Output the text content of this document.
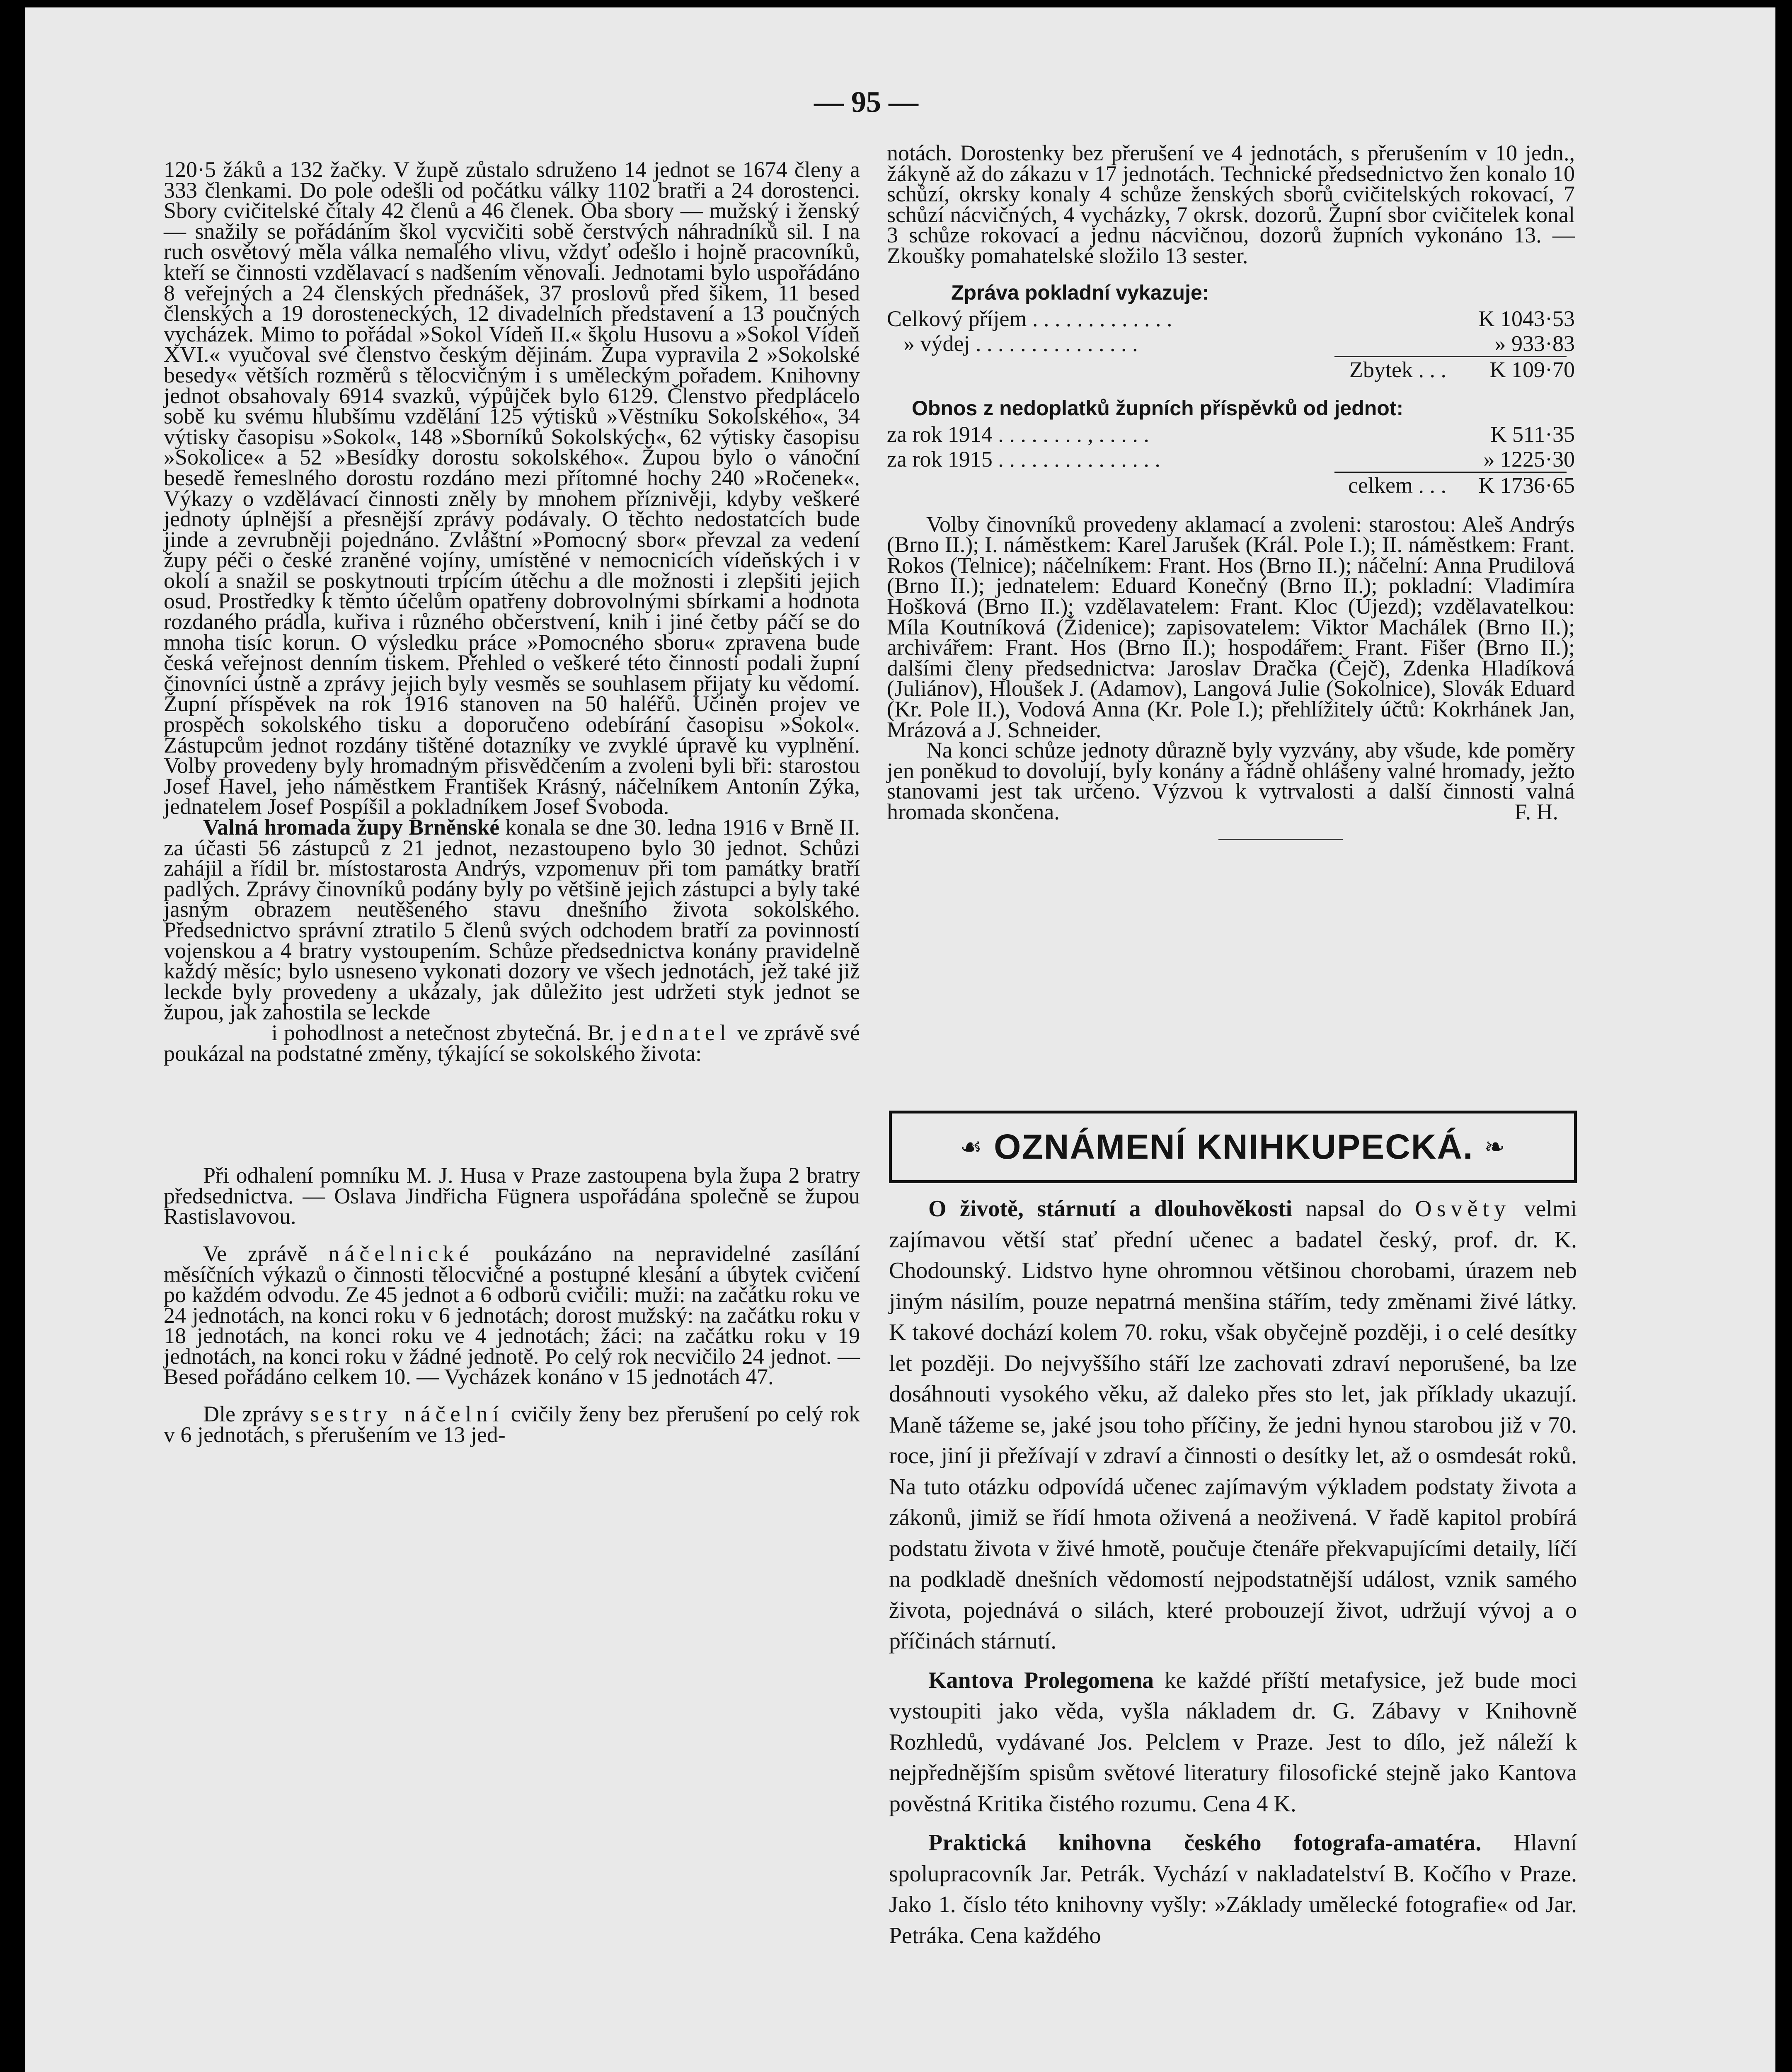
— 95 —

120·5 žáků a 132 žačky. V župě zůstalo sdruženo 14 jednot se 1674 členy a 333 členkami. Do pole odešli od počátku války 1102 bratři a 24 dorostenci. Sbory cvičitelské čítaly 42 členů a 46 členek. Oba sbory — mužský i ženský — snažily se pořádáním škol vycvičiti sobě čerstvých náhradníků sil. I na ruch osvětový měla válka nemalého vlivu, vždyť odešlo i hojně pracovníků, kteří se činnosti vzdělavací s nadšením věnovali. Jednotami bylo uspořádáno 8 veřejných a 24 členských přednášek, 37 proslovů před šikem, 11 besed členských a 19 dorosteneckých, 12 divadelních představení a 13 poučných vycházek. Mimo to pořádal »Sokol Vídeň II.« školu Husovu a »Sokol Vídeň XVI.« vyučoval své členstvo českým dějinám. Župa vypravila 2 »Sokolské besedy« větších rozměrů s tělocvičným i s uměleckým pořadem. Knihovny jednot obsahovaly 6914 svazků, výpůjček bylo 6129. Členstvo předplácelo sobě ku svému hlubšímu vzdělání 125 výtisků »Věstníku Sokolského«, 34 výtisky časopisu »Sokol«, 148 »Sborníků Sokolských«, 62 výtisky časopisu »Sokolice« a 52 »Besídky dorostu sokolského«. Župou bylo o vánoční besedě řemeslného dorostu rozdáno mezi přítomné hochy 240 »Ročenek«. Výkazy o vzdělávací činnosti zněly by mnohem příznivěji, kdyby veškeré jednoty úplnější a přesnější zprávy podávaly. O těchto nedostatcích bude jinde a zevrubněji pojednáno. Zvláštní »Pomocný sbor« převzal za vedení župy péči o české zraněné vojíny, umístěné v nemocnicích vídeňských i v okolí a snažil se poskytnouti trpícím útěchu a dle možnosti i zlepšiti jejich osud. Prostředky k těmto účelům opatřeny dobrovolnými sbírkami a hodnota rozdaného prádla, kuřiva i různého občerstvení, knih i jiné četby páčí se do mnoha tisíc korun. O výsledku práce »Pomocného sboru« zpravena bude česká veřejnost denním tiskem. Přehled o veškeré této činnosti podali župní činovníci ústně a zprávy jejich byly vesměs se souhlasem přijaty ku vědomí. Župní příspěvek na rok 1916 stanoven na 50 haléřů. Učiněn projev ve prospěch sokolského tisku a doporučeno odebírání časopisu »Sokol«. Zástupcům jednot rozdány tištěné dotazníky ve zvyklé úpravě ku vyplnění. Volby provedeny byly hromadným přisvědčením a zvoleni byli bři: starostou Josef Havel, jeho náměstkem František Krásný, náčelníkem Antonín Zýka, jednatelem Josef Pospíšil a pokladníkem Josef Svoboda.

Valná hromada župy Brněnské konala se dne 30. ledna 1916 v Brně II. za účasti 56 zástupců z 21 jednot, nezastoupeno bylo 30 jednot. Schůzi zahájil a řídil br. místostarosta Andrýs, vzpomenuv při tom památky bratří padlých. Zprávy činovníků podány byly po většině jejich zástupci a byly také jasným obrazem neutěšeného stavu dnešního života sokolského. Předsednictvo správní ztratilo 5 členů svých odchodem bratří za povinností vojenskou a 4 bratry vystoupením. Schůze předsednictva konány pravidelně každý měsíc; bylo usneseno vykonati dozory ve všech jednotách, jež také již leckde byly provedeny a ukázaly, jak důležito jest udržeti styk jednot se župou, jak zahostila se leckde

i pohodlnost a netečnost zbytečná. Br. jednatel ve zprávě své poukázal na podstatné změny, týkající se sokolského života:

Při odhalení pomníku M. J. Husa v Praze zastoupena byla župa 2 bratry předsednictva. — Oslava Jindřicha Fügnera uspořádána společně se župou Rastislavovou.

Ve zprávě náčelnické poukázáno na nepravidelné zasílání měsíčních výkazů o činnosti tělocvičné a postupné klesání a úbytek cvičení po každém odvodu. Ze 45 jednot a 6 odborů cvičili: muži: na začátku roku ve 24 jednotách, na konci roku v 6 jednotách; dorost mužský: na začátku roku v 18 jednotách, na konci roku ve 4 jednotách; žáci: na začátku roku v 19 jednotách, na konci roku v žádné jednotě. Po celý rok necvičilo 24 jednot. — Besed pořádáno celkem 10. — Vycházek konáno v 15 jednotách 47.

Dle zprávy sestry náčelní cvičily ženy bez přerušení po celý rok v 6 jednotách, s přerušením ve 13 jed-

notách. Dorostenky bez přerušení ve 4 jednotách, s přerušením v 10 jedn., žákyně až do zákazu v 17 jednotách. Technické předsednictvo žen konalo 10 schůzí, okrsky konaly 4 schůze ženských sborů cvičitelských rokovací, 7 schůzí nácvičných, 4 vycházky, 7 okrsk. dozorů. Župní sbor cvičitelek konal 3 schůze rokovací a jednu nácvičnou, dozorů župních vykonáno 13. — Zkoušky pomahatelské složilo 13 sester.

Zpráva pokladní vykazuje:
Celkový příjem . . . . . . . . . . . . .	K 1043·53
» výdej . . . . . . . . . . . . . . .	» 933·83
Zbytek . . .	K 109·70
Obnos z nedoplatků župních příspěvků od jednot:
za rok 1914 . . . . . . . . , . . . . .	K 511·35
za rok 1915 . . . . . . . . . . . . . . .	» 1225·30
celkem . . .	K 1736·65

Volby činovníků provedeny aklamací a zvoleni: starostou: Aleš Andrýs (Brno II.); I. náměstkem: Karel Jarušek (Král. Pole I.); II. náměstkem: Frant. Rokos (Telnice); náčelníkem: Frant. Hos (Brno II.); náčelní: Anna Prudilová (Brno II.); jednatelem: Eduard Konečný (Brno II.); pokladní: Vladimíra Hošková (Brno II.); vzdělavatelem: Frant. Kloc (Újezd); vzdělavatelkou: Míla Koutníková (Židenice); zapisovatelem: Viktor Machálek (Brno II.); archivářem: Frant. Hos (Brno II.); hospodářem: Frant. Fišer (Brno II.); dalšími členy předsednictva: Jaroslav Dračka (Čejč), Zdenka Hladíková (Juliánov), Hloušek J. (Adamov), Langová Julie (Sokolnice), Slovák Eduard (Kr. Pole II.), Vodová Anna (Kr. Pole I.); přehlížitely účtů: Kokrhánek Jan, Mrázová a J. Schneider.

Na konci schůze jednoty důrazně byly vyzvány, aby všude, kde poměry jen poněkud to dovolují, byly konány a řádně ohlášeny valné hromady, ježto stanovami jest tak určeno. Výzvou k vytrvalosti a další činnosti valná hromada skončena.	F. H.

☙ OZNÁMENÍ KNIHKUPECKÁ. ❧

O životě, stárnutí a dlouhověkosti napsal do Osvěty velmi zajímavou větší stať přední učenec a badatel český, prof. dr. K. Chodounský. Lidstvo hyne ohromnou většinou chorobami, úrazem neb jiným násilím, pouze nepatrná menšina stářím, tedy změnami živé látky. K takové dochází kolem 70. roku, však obyčejně později, i o celé desítky let později. Do nejvyššího stáří lze zachovati zdraví neporušené, ba lze dosáhnouti vysokého věku, až daleko přes sto let, jak příklady ukazují. Maně tážeme se, jaké jsou toho příčiny, že jedni hynou starobou již v 70. roce, jiní ji přežívají v zdraví a činnosti o desítky let, až o osmdesát roků. Na tuto otázku odpovídá učenec zajímavým výkladem podstaty života a zákonů, jimiž se řídí hmota oživená a neoživená. V řadě kapitol probírá podstatu života v živé hmotě, poučuje čtenáře překvapujícími detaily, líčí na podkladě dnešních vědomostí nejpodstatnější událost, vznik samého života, pojednává o silách, které probouzejí život, udržují vývoj a o příčinách stárnutí.

Kantova Prolegomena ke každé příští metafysice, jež bude moci vystoupiti jako věda, vyšla nákladem dr. G. Zábavy v Knihovně Rozhledů, vydávané Jos. Pelclem v Praze. Jest to dílo, jež náleží k nejpřednějším spisům světové literatury filosofické stejně jako Kantova pověstná Kritika čistého rozumu. Cena 4 K.

Praktická knihovna českého fotografa-amatéra. Hlavní spolupracovník Jar. Petrák. Vychází v nakladatelství B. Kočího v Praze. Jako 1. číslo této knihovny vyšly: »Základy umělecké fotografie« od Jar. Petráka. Cena každého
